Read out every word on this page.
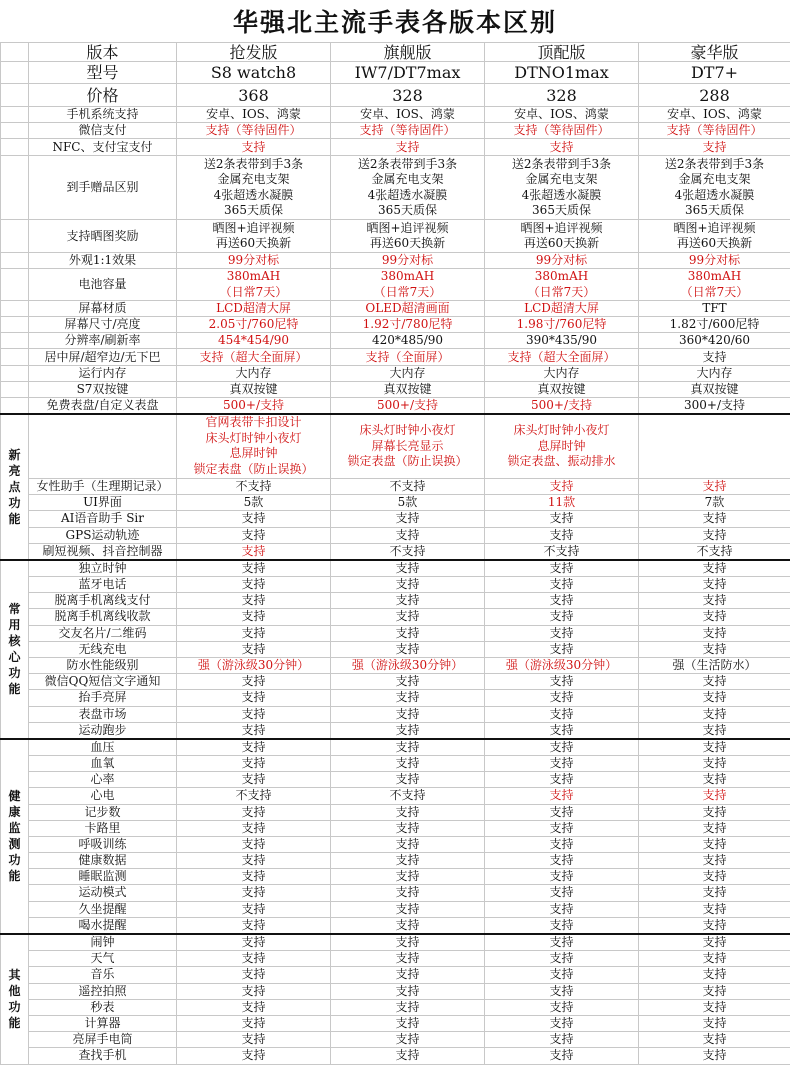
华强北主流手表各版本区别
	版本	抢发版	旗舰版	顶配版	豪华版
	型号	S8 watch8	IW7/DT7max	DTNO1max	DT7+
	价格	368	328	328	288
	手机系统支持	安卓、IOS、鸿蒙	安卓、IOS、鸿蒙	安卓、IOS、鸿蒙	安卓、IOS、鸿蒙
	微信支付	支持（等待固件）	支持（等待固件）	支持（等待固件）	支持（等待固件）
	NFC、支付宝支付	支持	支持	支持	支持
	到手赠品区别	送2条表带到手3条
金属充电支架
4张超透水凝膜
365天质保	送2条表带到手3条
金属充电支架
4张超透水凝膜
365天质保	送2条表带到手3条
金属充电支架
4张超透水凝膜
365天质保	送2条表带到手3条
金属充电支架
4张超透水凝膜
365天质保
	支持晒图奖励	晒图+追评视频
再送60天换新	晒图+追评视频
再送60天换新	晒图+追评视频
再送60天换新	晒图+追评视频
再送60天换新
	外观1:1效果	99分对标	99分对标	99分对标	99分对标
	电池容量	380mAH
（日常7天）	380mAH
（日常7天）	380mAH
（日常7天）	380mAH
（日常7天）
	屏幕材质	LCD超清大屏	OLED超清画面	LCD超清大屏	TFT
	屏幕尺寸/亮度	2.05寸/760尼特	1.92寸/780尼特	1.98寸/760尼特	1.82寸/600尼特
	分辨率/刷新率	454*454/90	420*485/90	390*435/90	360*420/60
	居中屏/超窄边/无下巴	支持（超大全面屏）	支持（全面屏）	支持（超大全面屏）	支持
	运行内存	大内存	大内存	大内存	大内存
	S7双按键	真双按键	真双按键	真双按键	真双按键
	免费表盘/自定义表盘	500+/支持	500+/支持	500+/支持	300+/支持
新亮点功能		官网表带卡扣设计
床头灯时钟小夜灯
息屏时钟
锁定表盘（防止误换）	床头灯时钟小夜灯
屏幕长亮显示
锁定表盘（防止误换）	床头灯时钟小夜灯
息屏时钟
锁定表盘、振动排水	
	女性助手（生理期记录）	不支持	不支持	支持	支持
	UI界面	5款	5款	11款	7款
	AI语音助手 Sir	支持	支持	支持	支持
	GPS运动轨迹	支持	支持	支持	支持
	刷短视频、抖音控制器	支持	不支持	不支持	不支持
常用核心功能	独立时钟	支持	支持	支持	支持
	蓝牙电话	支持	支持	支持	支持
	脱离手机离线支付	支持	支持	支持	支持
	脱离手机离线收款	支持	支持	支持	支持
	交友名片/二维码	支持	支持	支持	支持
	无线充电	支持	支持	支持	支持
	防水性能级别	强（游泳级30分钟）	强（游泳级30分钟）	强（游泳级30分钟）	强（生活防水）
	微信QQ短信文字通知	支持	支持	支持	支持
	抬手亮屏	支持	支持	支持	支持
	表盘市场	支持	支持	支持	支持
	运动跑步	支持	支持	支持	支持
健康监测功能	血压	支持	支持	支持	支持
	血氧	支持	支持	支持	支持
	心率	支持	支持	支持	支持
	心电	不支持	不支持	支持	支持
	记步数	支持	支持	支持	支持
	卡路里	支持	支持	支持	支持
	呼吸训练	支持	支持	支持	支持
	健康数据	支持	支持	支持	支持
	睡眠监测	支持	支持	支持	支持
	运动模式	支持	支持	支持	支持
	久坐提醒	支持	支持	支持	支持
	喝水提醒	支持	支持	支持	支持
其他功能	闹钟	支持	支持	支持	支持
	天气	支持	支持	支持	支持
	音乐	支持	支持	支持	支持
	遥控拍照	支持	支持	支持	支持
	秒表	支持	支持	支持	支持
	计算器	支持	支持	支持	支持
	亮屏手电筒	支持	支持	支持	支持
	查找手机	支持	支持	支持	支持
